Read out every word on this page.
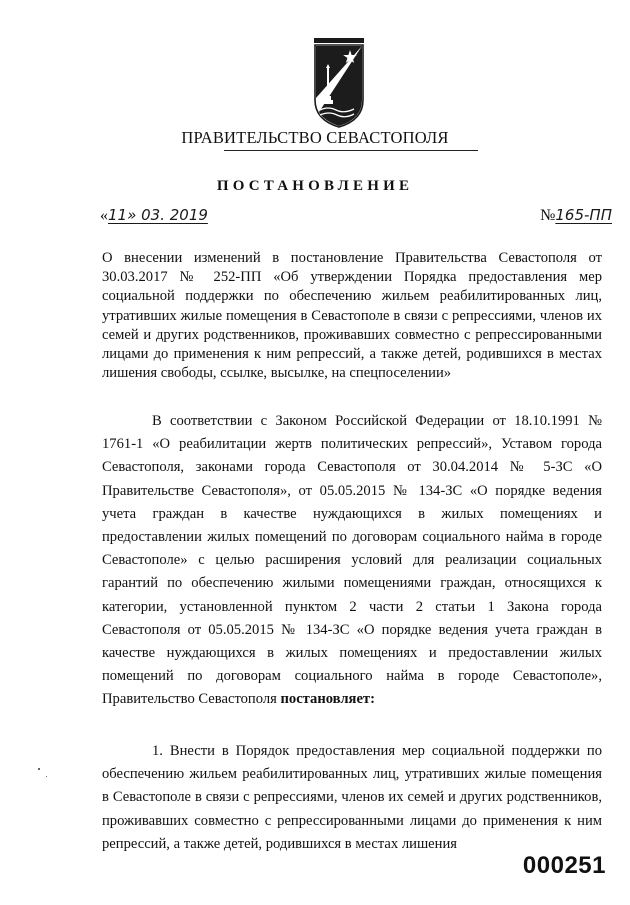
ПРАВИТЕЛЬСТВО СЕВАСТОПОЛЯ
ПОСТАНОВЛЕНИЕ
«11» 03. 2019	№165-ПП

О внесении изменений в постановление Правительства Севастополя от 30.03.2017 № 252-ПП «Об утверждении Порядка предоставления мер социальной поддержки по обеспечению жильем реабилитированных лиц, утративших жилые помещения в Севастополе в связи с репрессиями, членов их семей и других родственников, проживавших совместно с репрессированными лицами до применения к ним репрессий, а также детей, родившихся в местах лишения свободы, ссылке, высылке, на спецпоселении»

В соответствии с Законом Российской Федерации от 18.10.1991 № 1761-1 «О реабилитации жертв политических репрессий», Уставом города Севастополя, законами города Севастополя от 30.04.2014 № 5-ЗС «О Правительстве Севастополя», от 05.05.2015 № 134-ЗС «О порядке ведения учета граждан в качестве нуждающихся в жилых помещениях и предоставлении жилых помещений по договорам социального найма в городе Севастополе» с целью расширения условий для реализации социальных гарантий по обеспечению жилыми помещениями граждан, относящихся к категории, установленной пунктом 2 части 2 статьи 1 Закона города Севастополя от 05.05.2015 № 134-ЗС «О порядке ведения учета граждан в качестве нуждающихся в жилых помещениях и предоставлении жилых помещений по договорам социального найма в городе Севастополе», Правительство Севастополя постановляет:

1. Внести в Порядок предоставления мер социальной поддержки по обеспечению жильем реабилитированных лиц, утративших жилые помещения в Севастополе в связи с репрессиями, членов их семей и других родственников, проживавших совместно с репрессированными лицами до применения к ним репрессий, а также детей, родившихся в местах лишения

000251
